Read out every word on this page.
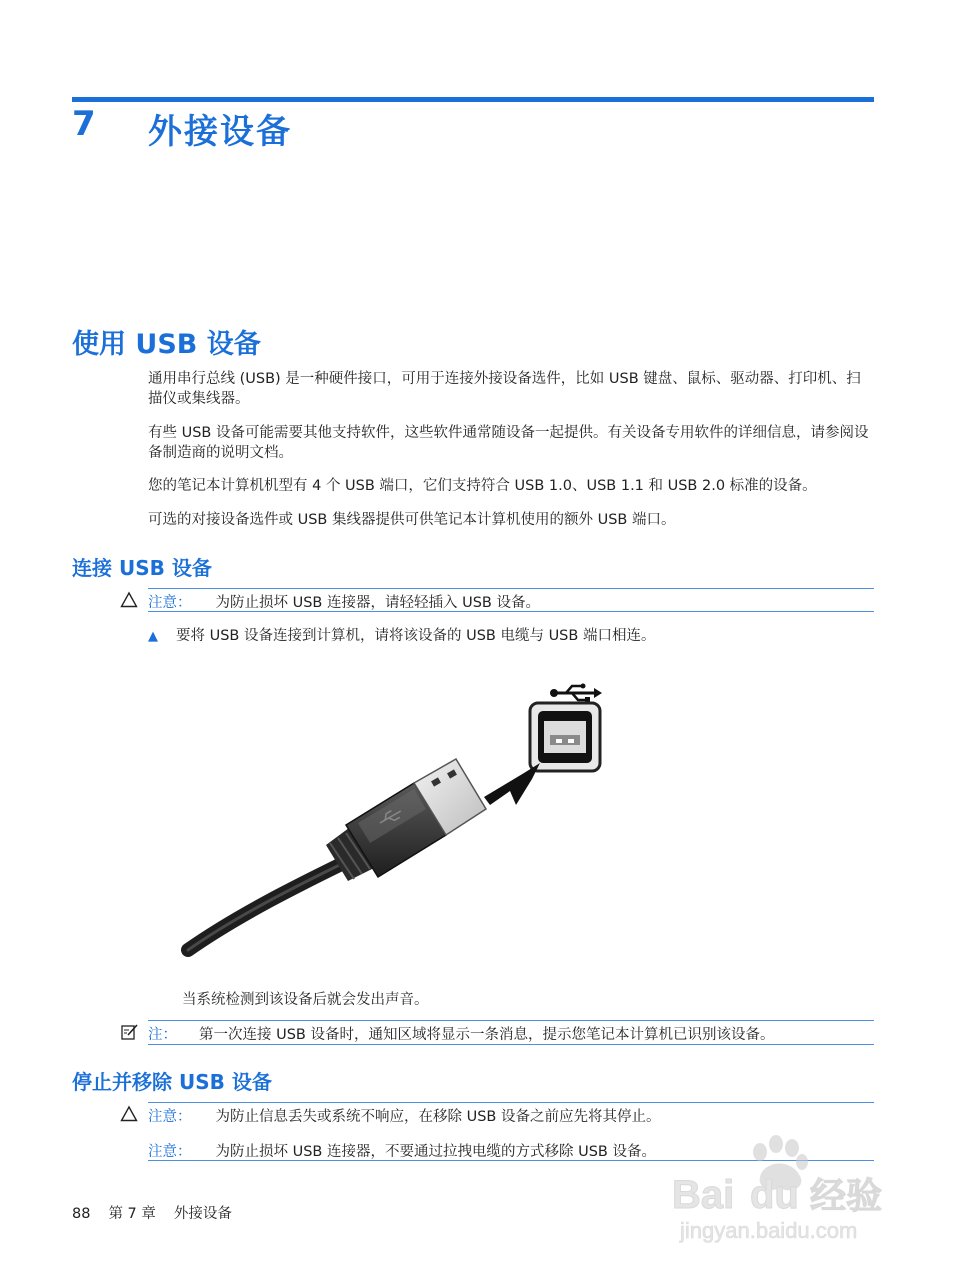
7 外接设备
使用 USB 设备
通用串行总线 (USB) 是一种硬件接口，可用于连接外接设备选件，比如 USB 键盘、鼠标、驱动器、打印机、扫描仪或集线器。
有些 USB 设备可能需要其他支持软件，这些软件通常随设备一起提供。有关设备专用软件的详细信息，请参阅设备制造商的说明文档。
您的笔记本计算机机型有 4 个 USB 端口，它们支持符合 USB 1.0、USB 1.1 和 USB 2.0 标准的设备。
可选的对接设备选件或 USB 集线器提供可供笔记本计算机使用的额外 USB 端口。
连接 USB 设备
注意： 为防止损坏 USB 连接器，请轻轻插入 USB 设备。
▲ 要将 USB 设备连接到计算机，请将该设备的 USB 电缆与 USB 端口相连。
当系统检测到该设备后就会发出声音。
注： 第一次连接 USB 设备时，通知区域将显示一条消息，提示您笔记本计算机已识别该设备。
停止并移除 USB 设备
注意： 为防止信息丢失或系统不响应，在移除 USB 设备之前应先将其停止。
注意： 为防止损坏 USB 连接器，不要通过拉拽电缆的方式移除 USB 设备。
88 第 7 章 外接设备	Bai du 经验
jingyan.baidu.com
